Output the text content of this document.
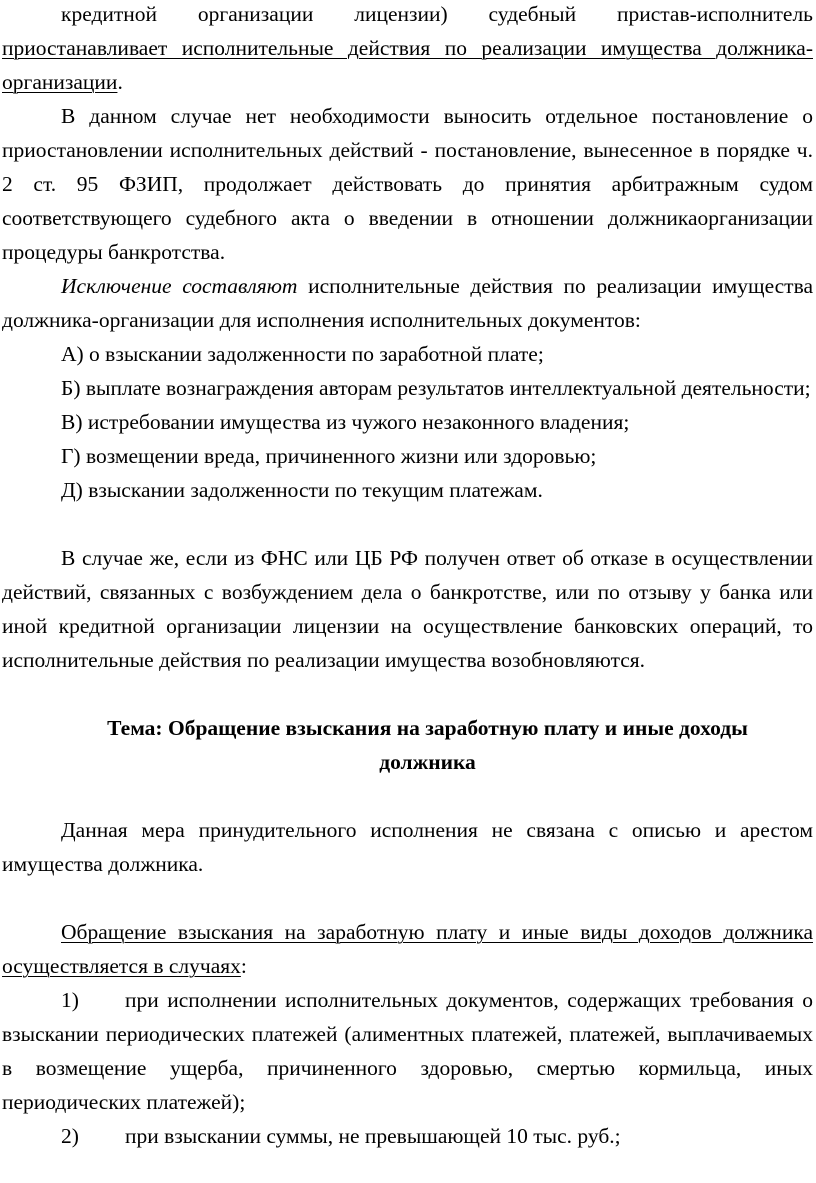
кредитной организации лицензии) судебный пристав-исполнитель приостанавливает исполнительные действия по реализации имущества должника-организации.

В данном случае нет необходимости выносить отдельное постановление о приостановлении исполнительных действий - постановление, вынесенное в порядке ч. 2 ст. 95 ФЗИП, продолжает действовать до принятия арбитражным судом соответствующего судебного акта о введении в отношении должникаорганизации процедуры банкротства.

Исключение составляют исполнительные действия по реализации имущества должника-организации для исполнения исполнительных документов:

А) о взыскании задолженности по заработной плате;

Б) выплате вознаграждения авторам результатов интеллектуальной деятельности;

В) истребовании имущества из чужого незаконного владения;

Г) возмещении вреда, причиненного жизни или здоровью;

Д) взыскании задолженности по текущим платежам.

В случае же, если из ФНС или ЦБ РФ получен ответ об отказе в осуществлении действий, связанных с возбуждением дела о банкротстве, или по отзыву у банка или иной кредитной организации лицензии на осуществление банковских операций, то исполнительные действия по реализации имущества возобновляются.

Тема: Обращение взыскания на заработную плату и иные доходы
должника

Данная мера принудительного исполнения не связана с описью и арестом имущества должника.

Обращение взыскания на заработную плату и иные виды доходов должника осуществляется в случаях:

1) при исполнении исполнительных документов, содержащих требования о взыскании периодических платежей (алиментных платежей, платежей, выплачиваемых в возмещение ущерба, причиненного здоровью, смертью кормильца, иных периодических платежей);

2) при взыскании суммы, не превышающей 10 тыс. руб.;
